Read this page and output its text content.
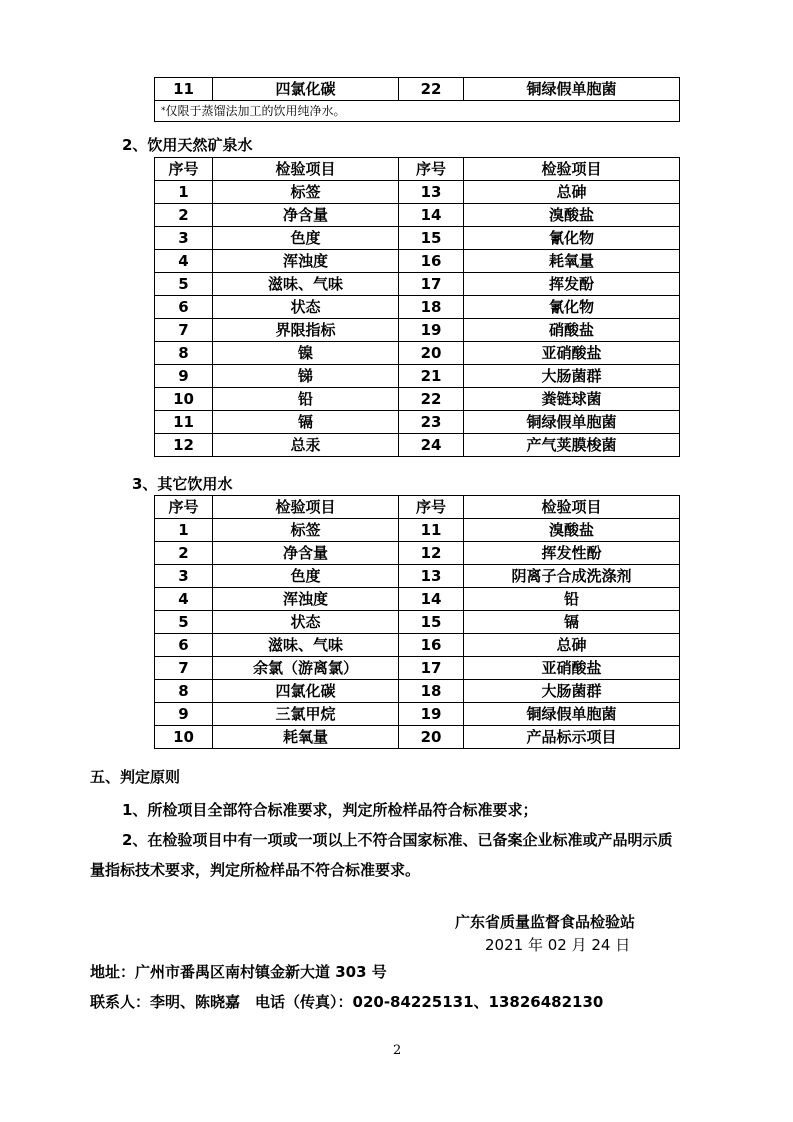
11	四氯化碳	22	铜绿假单胞菌
*仅限于蒸馏法加工的饮用纯净水。
2、饮用天然矿泉水
序号	检验项目	序号	检验项目
1	标签	13	总砷
2	净含量	14	溴酸盐
3	色度	15	氰化物
4	浑浊度	16	耗氧量
5	滋味、气味	17	挥发酚
6	状态	18	氰化物
7	界限指标	19	硝酸盐
8	镍	20	亚硝酸盐
9	锑	21	大肠菌群
10	铅	22	粪链球菌
11	镉	23	铜绿假单胞菌
12	总汞	24	产气荚膜梭菌
3、其它饮用水
序号	检验项目	序号	检验项目
1	标签	11	溴酸盐
2	净含量	12	挥发性酚
3	色度	13	阴离子合成洗涤剂
4	浑浊度	14	铅
5	状态	15	镉
6	滋味、气味	16	总砷
7	余氯（游离氯）	17	亚硝酸盐
8	四氯化碳	18	大肠菌群
9	三氯甲烷	19	铜绿假单胞菌
10	耗氧量	20	产品标示项目
五、判定原则
1、所检项目全部符合标准要求，判定所检样品符合标准要求；
2、在检验项目中有一项或一项以上不符合国家标准、已备案企业标准或产品明示质
量指标技术要求，判定所检样品不符合标准要求。
广东省质量监督食品检验站
2021 年 02 月 24 日
地址：广州市番禺区南村镇金新大道 303 号
联系人：李明、陈晓嘉　电话（传真）：020-84225131、13826482130
2
